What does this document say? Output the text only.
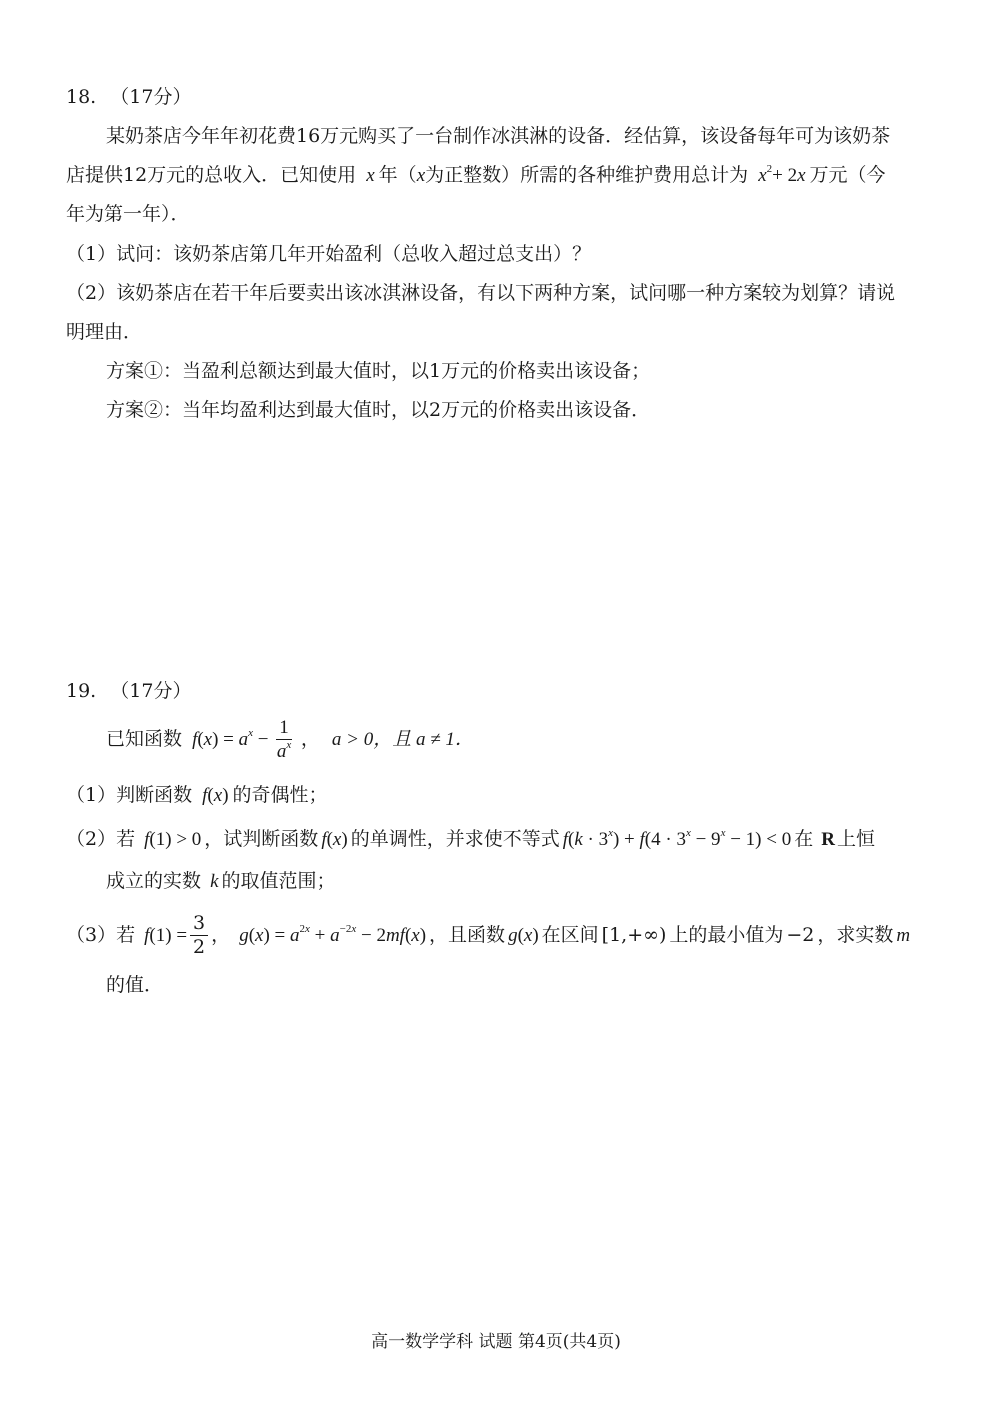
18. （17分）
某奶茶店今年年初花费16万元购买了一台制作冰淇淋的设备．经估算，该设备每年可为该奶茶
店提供12万元的总收入．已知使用 x 年（x为正整数）所需的各种维护费用总计为 $x^2+ 2x$ 万元（今
年为第一年）．
（1）试问：该奶茶店第几年开始盈利（总收入超过总支出）？
（2）该奶茶店在若干年后要卖出该冰淇淋设备，有以下两种方案，试问哪一种方案较为划算？请说
明理由．
方案①：当盈利总额达到最大值时，以1万元的价格卖出该设备；
方案②：当年均盈利达到最大值时，以2万元的价格卖出该设备．
19. （17分）
已知函数 $f(x) = a^x - \frac{1}{a^x}$ ， a > 0，且 a ≠ 1．
（1）判断函数 f(x) 的奇偶性；
（2）若 f(1) > 0 ，试判断函数 f(x) 的单调性，并求使不等式 $f(k \cdot 3^x) + f(4 \cdot 3^x - 9^x - 1) < 0$ 在 R 上恒
成立的实数 k 的取值范围；
（3）若 $f(1) = \frac{3}{2}$ ， $g(x) = a^{2x} + a^{-2x} - 2mf(x)$ ，且函数 g(x) 在区间 [1,+∞) 上的最小值为 −2 ，求实数 m
的值．
高一数学学科 试题 第4页(共4页)
